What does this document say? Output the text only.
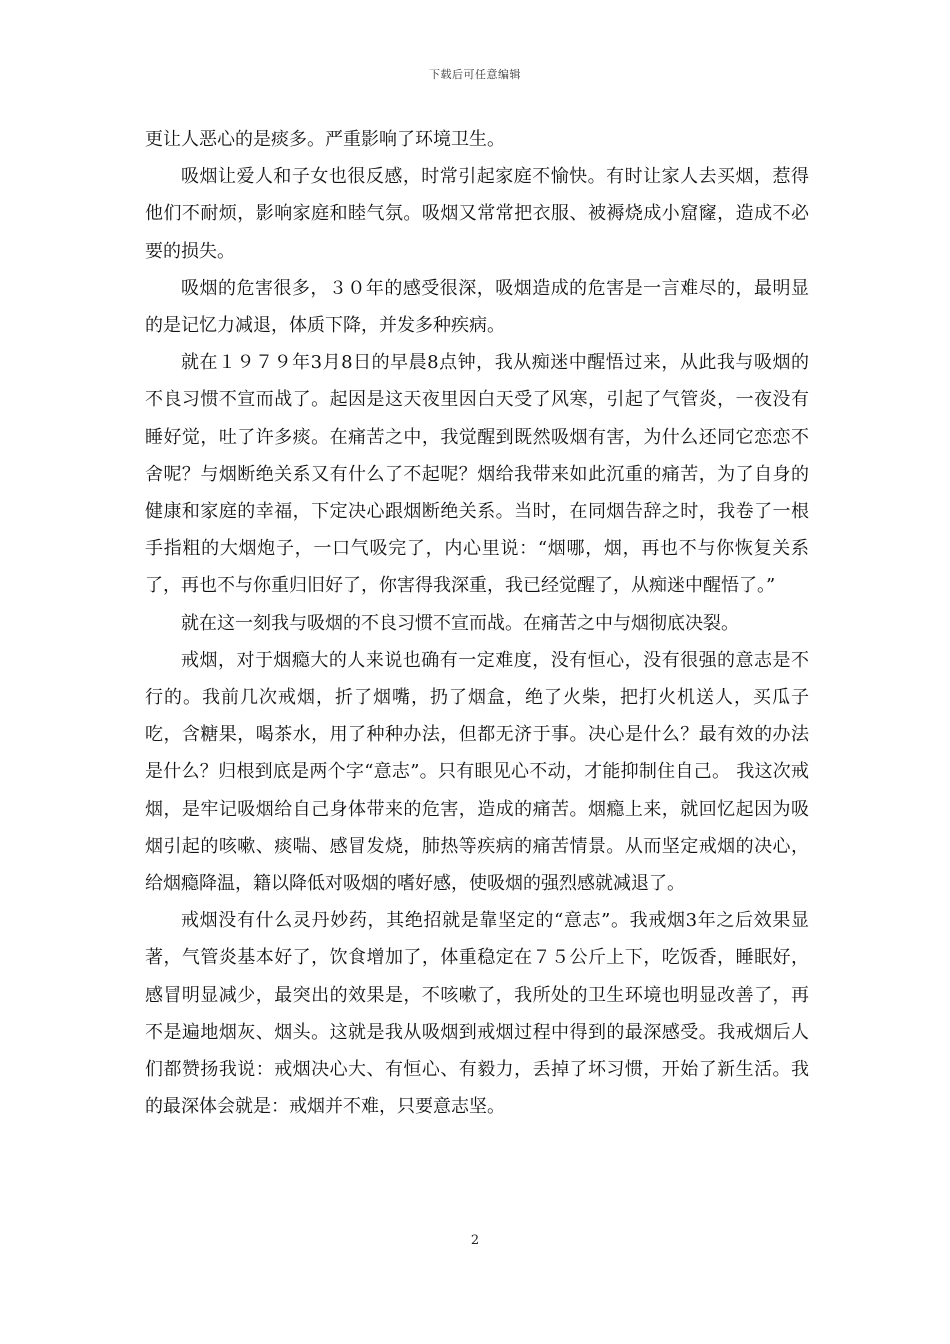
下载后可任意编辑

更让人恶心的是痰多。严重影响了环境卫生。

吸烟让爱人和子女也很反感，时常引起家庭不愉快。有时让家人去买烟，惹得他们不耐烦，影响家庭和睦气氛。吸烟又常常把衣服、被褥烧成小窟窿，造成不必要的损失。

吸烟的危害很多，３０年的感受很深，吸烟造成的危害是一言难尽的，最明显的是记忆力减退，体质下降，并发多种疾病。

就在１９７９年3月8日的早晨8点钟，我从痴迷中醒悟过来，从此我与吸烟的不良习惯不宣而战了。起因是这天夜里因白天受了风寒，引起了气管炎，一夜没有睡好觉，吐了许多痰。在痛苦之中，我觉醒到既然吸烟有害，为什么还同它恋恋不舍呢？与烟断绝关系又有什么了不起呢？烟给我带来如此沉重的痛苦，为了自身的健康和家庭的幸福，下定决心跟烟断绝关系。当时，在同烟告辞之时，我卷了一根手指粗的大烟炮子，一口气吸完了，内心里说：“烟哪，烟，再也不与你恢复关系了，再也不与你重归旧好了，你害得我深重，我已经觉醒了，从痴迷中醒悟了。”

就在这一刻我与吸烟的不良习惯不宣而战。在痛苦之中与烟彻底决裂。

戒烟，对于烟瘾大的人来说也确有一定难度，没有恒心，没有很强的意志是不行的。我前几次戒烟，折了烟嘴，扔了烟盒，绝了火柴，把打火机送人，买瓜子吃，含糖果，喝茶水，用了种种办法，但都无济于事。决心是什么？最有效的办法是什么？归根到底是两个字“意志”。只有眼见心不动，才能抑制住自己。 我这次戒烟，是牢记吸烟给自己身体带来的危害，造成的痛苦。烟瘾上来，就回忆起因为吸烟引起的咳嗽、痰喘、感冒发烧，肺热等疾病的痛苦情景。从而坚定戒烟的决心，给烟瘾降温，籍以降低对吸烟的嗜好感，使吸烟的强烈感就减退了。

戒烟没有什么灵丹妙药，其绝招就是靠坚定的“意志”。我戒烟3年之后效果显著，气管炎基本好了，饮食增加了，体重稳定在７５公斤上下，吃饭香，睡眠好，感冒明显减少，最突出的效果是，不咳嗽了，我所处的卫生环境也明显改善了，再不是遍地烟灰、烟头。这就是我从吸烟到戒烟过程中得到的最深感受。我戒烟后人们都赞扬我说：戒烟决心大、有恒心、有毅力，丢掉了坏习惯，开始了新生活。我的最深体会就是：戒烟并不难，只要意志坚。

2
